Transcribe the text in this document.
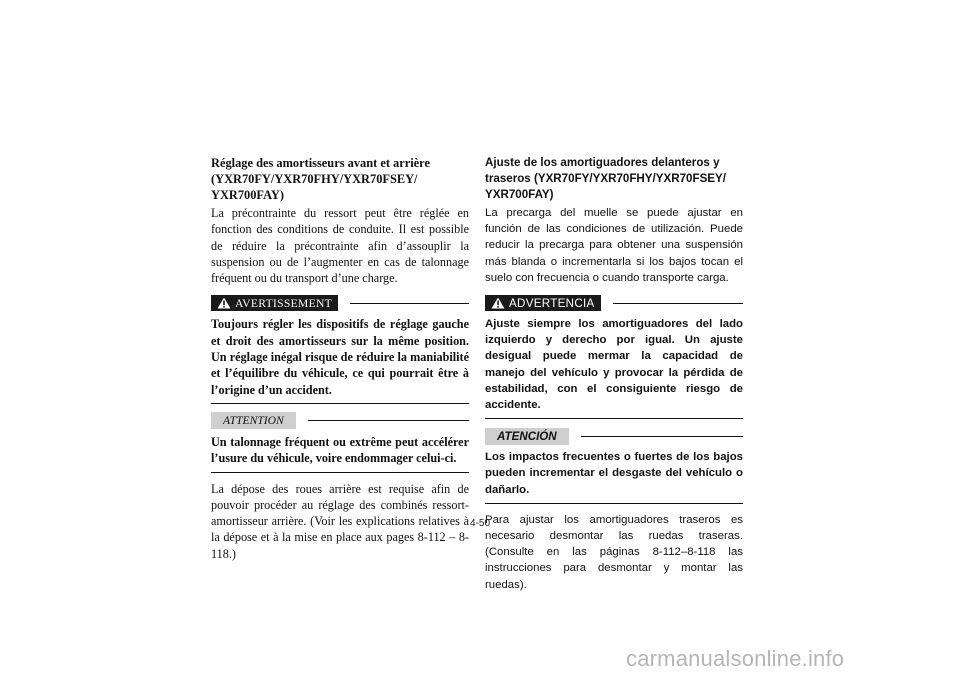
Réglage des amortisseurs avant et arrière (YXR70FY/YXR70FHY/YXR70FSEY/ YXR700FAY)

La précontrainte du ressort peut être réglée en fonction des conditions de conduite. Il est possible de réduire la précontrainte afin d’assouplir la suspension ou de l’augmenter en cas de talonnage fréquent ou du transport d’une charge.

AVERTISSEMENT

Toujours régler les dispositifs de réglage gauche et droit des amortisseurs sur la même position. Un réglage inégal risque de réduire la maniabilité et l’équilibre du véhicule, ce qui pourrait être à l’origine d’un accident.

ATTENTION

Un talonnage fréquent ou extrême peut accélérer l’usure du véhicule, voire endommager celui-ci.

La dépose des roues arrière est requise afin de pouvoir procéder au réglage des combinés ressort-amortisseur arrière. (Voir les explications relatives à la dépose et à la mise en place aux pages 8-112 – 8-118.)

Ajuste de los amortiguadores delanteros y traseros (YXR70FY/YXR70FHY/YXR70FSEY/ YXR700FAY)

La precarga del muelle se puede ajustar en función de las condiciones de utilización. Puede reducir la precarga para obtener una suspensión más blanda o incrementarla si los bajos tocan el suelo con frecuencia o cuando transporte carga.

ADVERTENCIA

Ajuste siempre los amortiguadores del lado izquierdo y derecho por igual. Un ajuste desigual puede mermar la capacidad de manejo del vehículo y provocar la pérdida de estabilidad, con el consiguiente riesgo de accidente.

ATENCIÓN

Los impactos frecuentes o fuertes de los bajos pueden incrementar el desgaste del vehículo o dañarlo.

Para ajustar los amortiguadores traseros es necesario desmontar las ruedas traseras. (Consulte en las páginas 8-112–8-118 las instrucciones para desmontar y montar las ruedas).

4-50
carmanualsonline.info
